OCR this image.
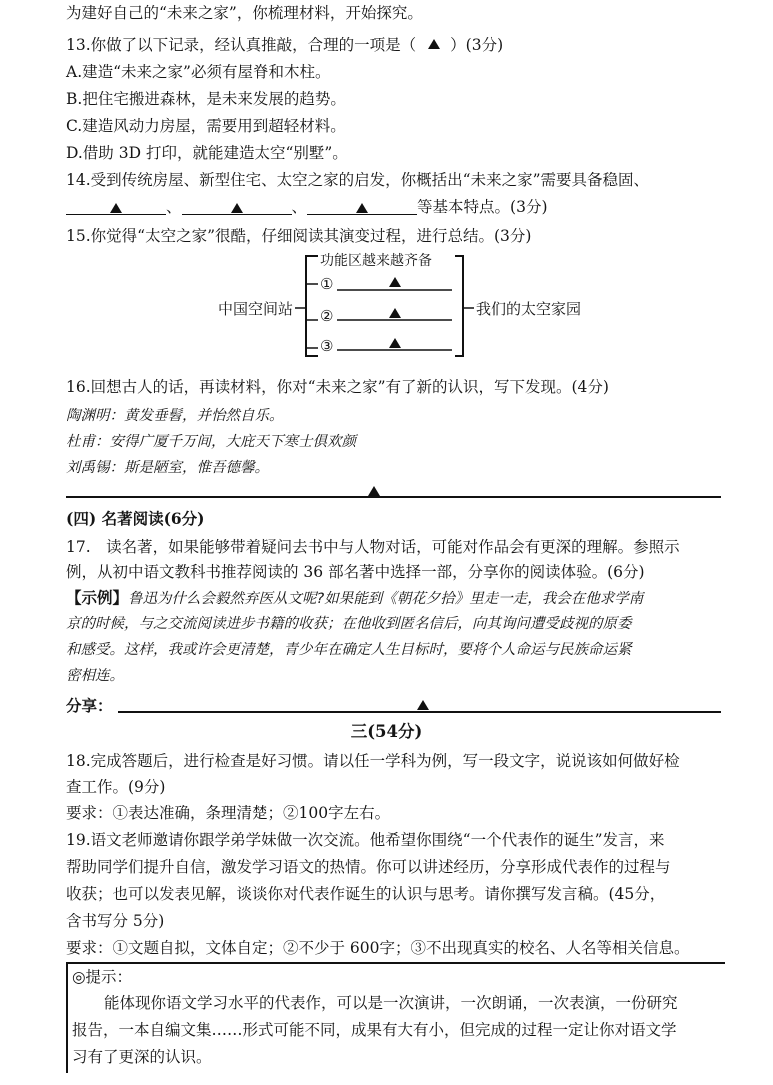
为建好自己的“未来之家”，你梳理材料，开始探究。
13.你做了以下记录，经认真推敲，合理的一项是（ ）(3分)
A.建造“未来之家”必须有屋脊和木柱。
B.把住宅搬进森林，是未来发展的趋势。
C.建造风动力房屋，需要用到超轻材料。
D.借助 3D 打印，就能建造太空“别墅”。
14.受到传统房屋、新型住宅、太空之家的启发，你概括出“未来之家”需要具备稳固、
、	、	等基本特点。(3分)
15.你觉得“太空之家”很酷，仔细阅读其演变过程，进行总结。(3分)
中国空间站
功能区越来越齐备
①
②
③
我们的太空家园
16.回想古人的话，再读材料，你对“未来之家”有了新的认识，写下发现。(4分)
陶渊明：黄发垂髫，并怡然自乐。
杜甫：安得广厦千万间，大庇天下寒士俱欢颜
刘禹锡：斯是陋室，惟吾德馨。
(四) 名著阅读(6分)
17.　读名著，如果能够带着疑问去书中与人物对话，可能对作品会有更深的理解。参照示
例，从初中语文教科书推荐阅读的 36 部名著中选择一部，分享你的阅读体验。(6分)
【示例】鲁迅为什么会毅然弃医从文呢?如果能到《朝花夕拾》里走一走，我会在他求学南
京的时候，与之交流阅读进步书籍的收获；在他收到匿名信后，向其询问遭受歧视的原委
和感受。这样，我或许会更清楚，青少年在确定人生目标时，要将个人命运与民族命运紧
密相连。
分享：
三(54分)
18.完成答题后，进行检查是好习惯。请以任一学科为例，写一段文字，说说该如何做好检
查工作。(9分)
要求：①表达准确，条理清楚；②100字左右。
19.语文老师邀请你跟学弟学妹做一次交流。他希望你围绕“一个代表作的诞生”发言，来
帮助同学们提升自信，激发学习语文的热情。你可以讲述经历，分享形成代表作的过程与
收获；也可以发表见解，谈谈你对代表作诞生的认识与思考。请你撰写发言稿。(45分，
含书写分 5分)
要求：①文题自拟，文体自定；②不少于 600字；③不出现真实的校名、人名等相关信息。
◎提示：
能体现你语文学习水平的代表作，可以是一次演讲，一次朗诵，一次表演，一份研究
报告，一本自编文集……形式可能不同，成果有大有小，但完成的过程一定让你对语文学
习有了更深的认识。
